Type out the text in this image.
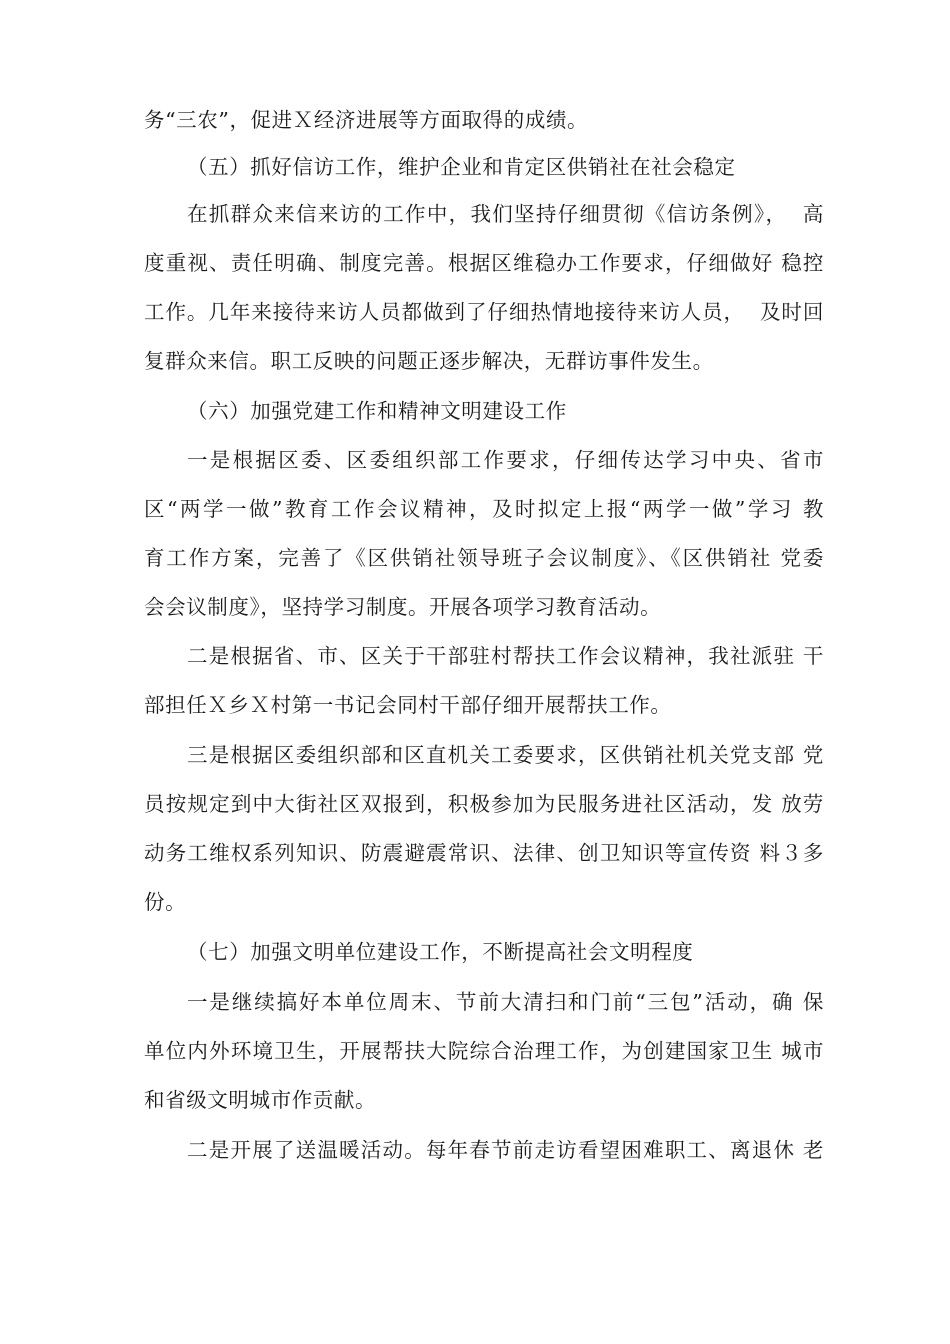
务“三农”，促进Ｘ经济进展等方面取得的成绩。
（五）抓好信访工作，维护企业和肯定区供销社在社会稳定
在抓群众来信来访的工作中，我们坚持仔细贯彻《信访条例》，  高
度重视、责任明确、制度完善。根据区维稳办工作要求，仔细做好 稳控
工作。几年来接待来访人员都做到了仔细热情地接待来访人员，  及时回
复群众来信。职工反映的问题正逐步解决，无群访事件发生。
（六）加强党建工作和精神文明建设工作
一是根据区委、区委组织部工作要求，仔细传达学习中央、省市
区“两学一做”教育工作会议精神，及时拟定上报“两学一做”学习 教
育工作方案，完善了《区供销社领导班子会议制度》、《区供销社 党委
会会议制度》，坚持学习制度。开展各项学习教育活动。
二是根据省、市、区关于干部驻村帮扶工作会议精神，我社派驻 干
部担任Ｘ乡Ｘ村第一书记会同村干部仔细开展帮扶工作。
三是根据区委组织部和区直机关工委要求，区供销社机关党支部 党
员按规定到中大街社区双报到，积极参加为民服务进社区活动，发 放劳
动务工维权系列知识、防震避震常识、法律、创卫知识等宣传资 料３多
份。
（七）加强文明单位建设工作，不断提高社会文明程度
一是继续搞好本单位周末、节前大清扫和门前“三包”活动，确 保
单位内外环境卫生，开展帮扶大院综合治理工作，为创建国家卫生 城市
和省级文明城市作贡献。
二是开展了送温暖活动。每年春节前走访看望困难职工、离退休 老
